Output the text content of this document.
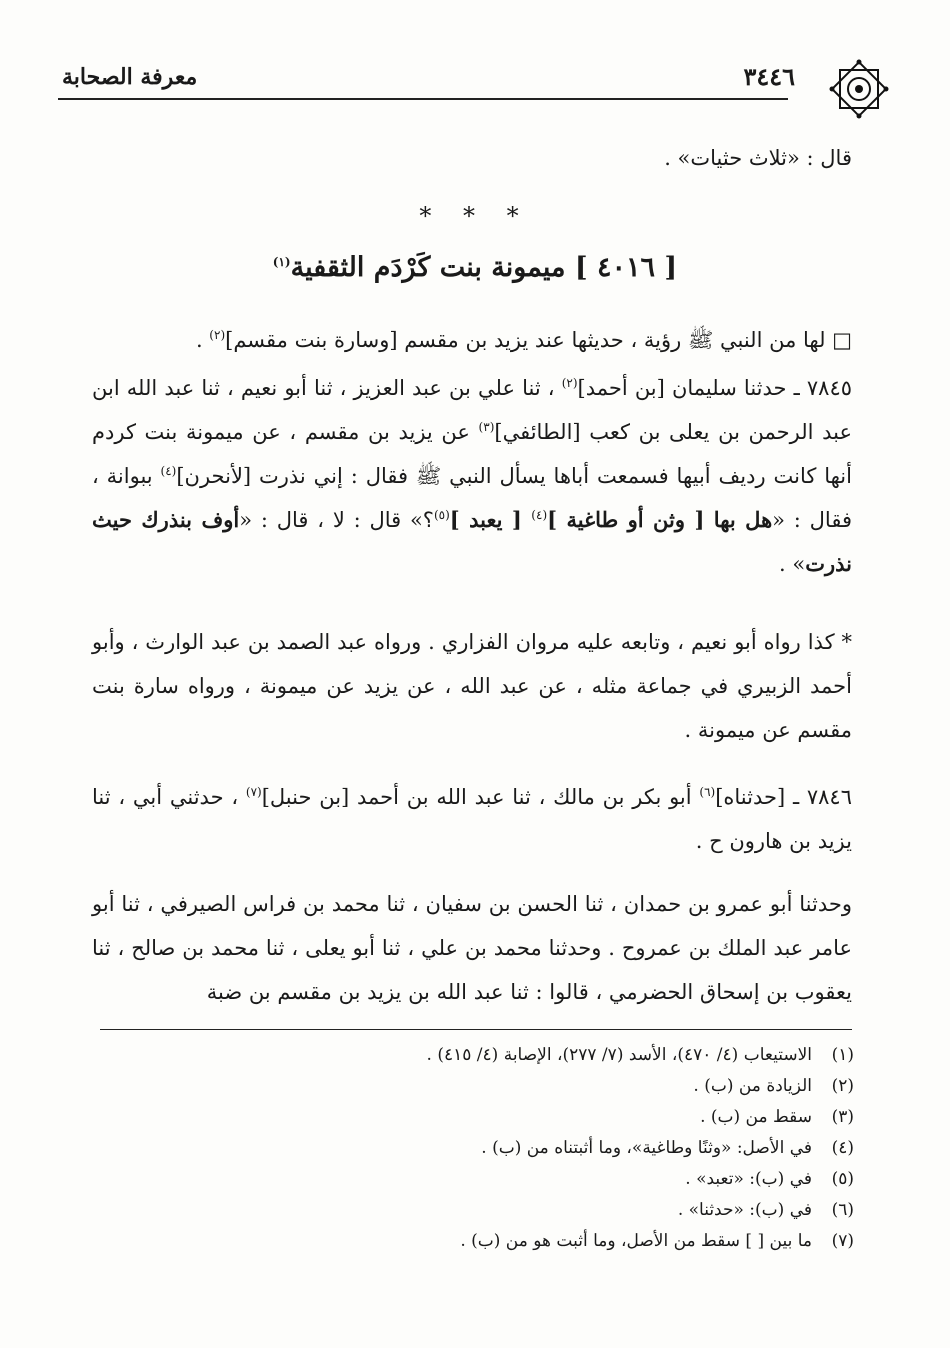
٣٤٤٦
معرفة الصحابة

قال : «ثلاث حثيات» .

* * *
[ ٤٠١٦ ] ميمونة بنت كَرْدَم الثقفية$^{(١)}$

□ لها من النبي ﷺ رؤية ، حديثها عند يزيد بن مقسم [وسارة بنت مقسم]$^{(٢)}$ .

٧٨٤٥ ـ حدثنا سليمان [بن أحمد]$^{(٢)}$ ، ثنا علي بن عبد العزيز ، ثنا أبو نعيم ، ثنا عبد الله ابن عبد الرحمن بن يعلى بن كعب [الطائفي]$^{(٣)}$ عن يزيد بن مقسم ، عن ميمونة بنت كردم أنها كانت رديف أبيها فسمعت أباها يسأل النبي ﷺ فقال : إني نذرت [لأنحرن]$^{(٤)}$ ببوانة ، فقال : «هل بها [ وثن أو طاغية ]$^{(٤)}$ [ يعبد ]$^{(٥)}$؟» قال : لا ، قال : «أوف بنذرك حيث نذرت» .

* كذا رواه أبو نعيم ، وتابعه عليه مروان الفزاري . ورواه عبد الصمد بن عبد الوارث ، وأبو أحمد الزبيري في جماعة مثله ، عن عبد الله ، عن يزيد عن ميمونة ، ورواه سارة بنت مقسم عن ميمونة .

٧٨٤٦ ـ [حدثناه]$^{(٦)}$ أبو بكر بن مالك ، ثنا عبد الله بن أحمد [بن حنبل]$^{(٧)}$ ، حدثني أبي ، ثنا يزيد بن هارون ح .

وحدثنا أبو عمرو بن حمدان ، ثنا الحسن بن سفيان ، ثنا محمد بن فراس الصيرفي ، ثنا أبو عامر عبد الملك بن عمروح . وحدثنا محمد بن علي ، ثنا أبو يعلى ، ثنا محمد بن صالح ، ثنا يعقوب بن إسحاق الحضرمي ، قالوا : ثنا عبد الله بن يزيد بن مقسم بن ضبة

(١)
الاستيعاب (٤/ ٤٧٠)، الأسد (٧/ ٢٧٧)، الإصابة (٤/ ٤١٥) .
(٢)
الزيادة من (ب) .
(٣)
سقط من (ب) .
(٤)
في الأصل: «وثنًا وطاغية»، وما أثبتناه من (ب) .
(٥)
في (ب): «تعبد» .
(٦)
في (ب): «حدثنا» .
(٧)
ما بين [ ] سقط من الأصل، وما أثبت هو من (ب) .
